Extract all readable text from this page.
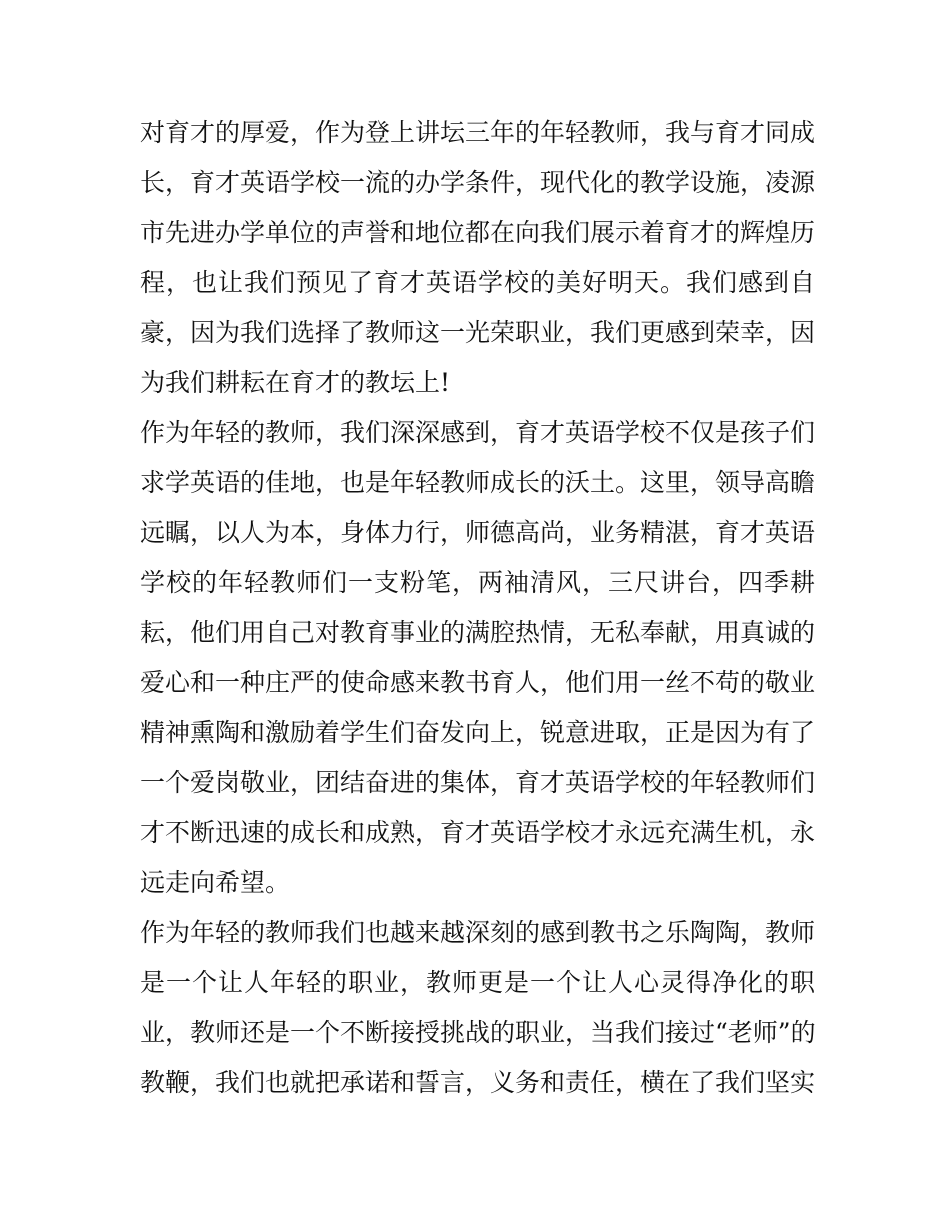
对育才的厚爱，作为登上讲坛三年的年轻教师，我与育才同成
长，育才英语学校一流的办学条件，现代化的教学设施，凌源
市先进办学单位的声誉和地位都在向我们展示着育才的辉煌历
程，也让我们预见了育才英语学校的美好明天。我们感到自
豪，因为我们选择了教师这一光荣职业，我们更感到荣幸，因
为我们耕耘在育才的教坛上!
作为年轻的教师，我们深深感到，育才英语学校不仅是孩子们
求学英语的佳地，也是年轻教师成长的沃土。这里，领导高瞻
远瞩，以人为本，身体力行，师德高尚，业务精湛，育才英语
学校的年轻教师们一支粉笔，两袖清风，三尺讲台，四季耕
耘，他们用自己对教育事业的满腔热情，无私奉献，用真诚的
爱心和一种庄严的使命感来教书育人，他们用一丝不苟的敬业
精神熏陶和激励着学生们奋发向上，锐意进取，正是因为有了
一个爱岗敬业，团结奋进的集体，育才英语学校的年轻教师们
才不断迅速的成长和成熟，育才英语学校才永远充满生机，永
远走向希望。
作为年轻的教师我们也越来越深刻的感到教书之乐陶陶，教师
是一个让人年轻的职业，教师更是一个让人心灵得净化的职
业，教师还是一个不断接授挑战的职业，当我们接过“老师”的
教鞭，我们也就把承诺和誓言，义务和责任，横在了我们坚实
